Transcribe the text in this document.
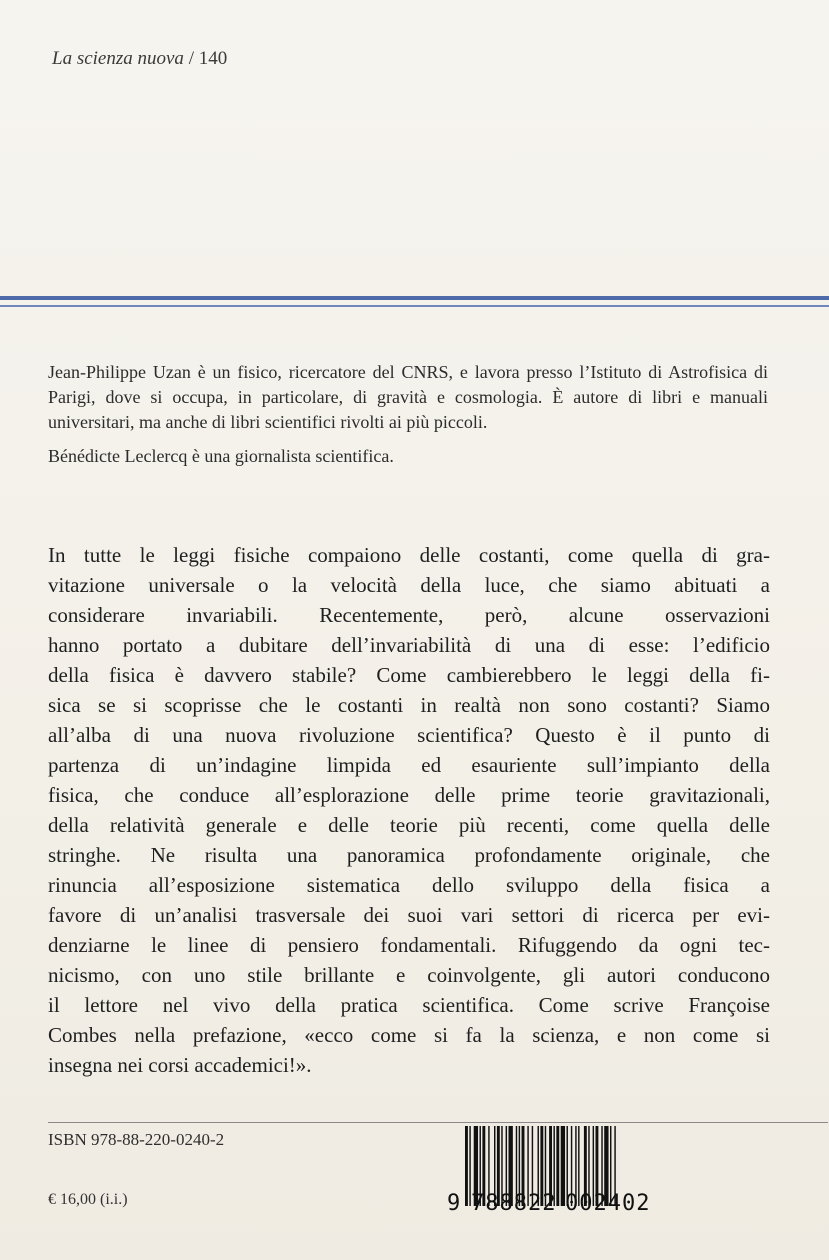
La scienza nuova / 140

Jean-Philippe Uzan è un fisico, ricercatore del CNRS, e lavora presso l’Istituto di Astrofisica di Parigi, dove si occupa, in particolare, di gravità e cosmologia. È autore di libri e manuali universitari, ma anche di libri scientifici rivolti ai più piccoli.

Bénédicte Leclercq è una giornalista scientifica.

In tutte le leggi fisiche compaiono delle costanti, come quella di gra-
vitazione universale o la velocità della luce, che siamo abituati a
considerare invariabili. Recentemente, però, alcune osservazioni
hanno portato a dubitare dell’invariabilità di una di esse: l’edificio
della fisica è davvero stabile? Come cambierebbero le leggi della fi-
sica se si scoprisse che le costanti in realtà non sono costanti? Siamo
all’alba di una nuova rivoluzione scientifica? Questo è il punto di
partenza di un’indagine limpida ed esauriente sull’impianto della
fisica, che conduce all’esplorazione delle prime teorie gravitazionali,
della relatività generale e delle teorie più recenti, come quella delle
stringhe. Ne risulta una panoramica profondamente originale, che
rinuncia all’esposizione sistematica dello sviluppo della fisica a
favore di un’analisi trasversale dei suoi vari settori di ricerca per evi-
denziarne le linee di pensiero fondamentali. Rifuggendo da ogni tec-
nicismo, con uno stile brillante e coinvolgente, gli autori conducono
il lettore nel vivo della pratica scientifica. Come scrive Françoise
Combes nella prefazione, «ecco come si fa la scienza, e non come si
insegna nei corsi accademici!».
ISBN 978-88-220-0240-2
€ 16,00 (i.i.)	9 788822 002402
